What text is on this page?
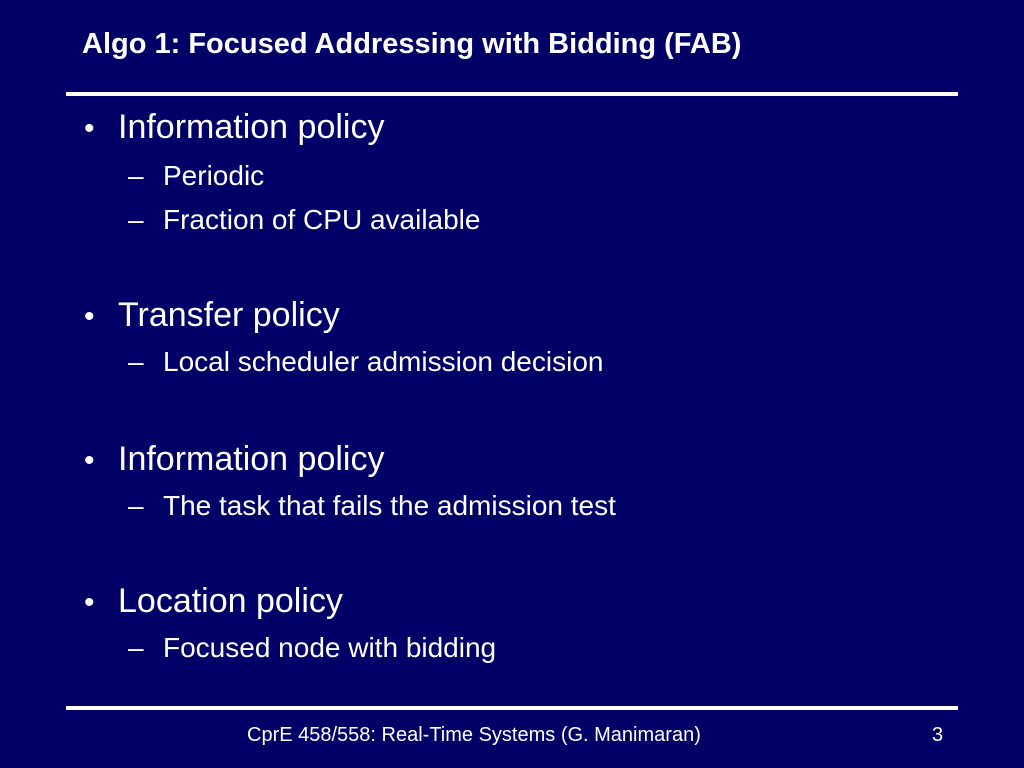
Algo 1: Focused Addressing with Bidding (FAB)
• Information policy
– Periodic
– Fraction of CPU available
• Transfer policy
– Local scheduler admission decision
• Information policy
– The task that fails the admission test
• Location policy
– Focused node with bidding
CprE 458/558: Real-Time Systems (G. Manimaran)	3
